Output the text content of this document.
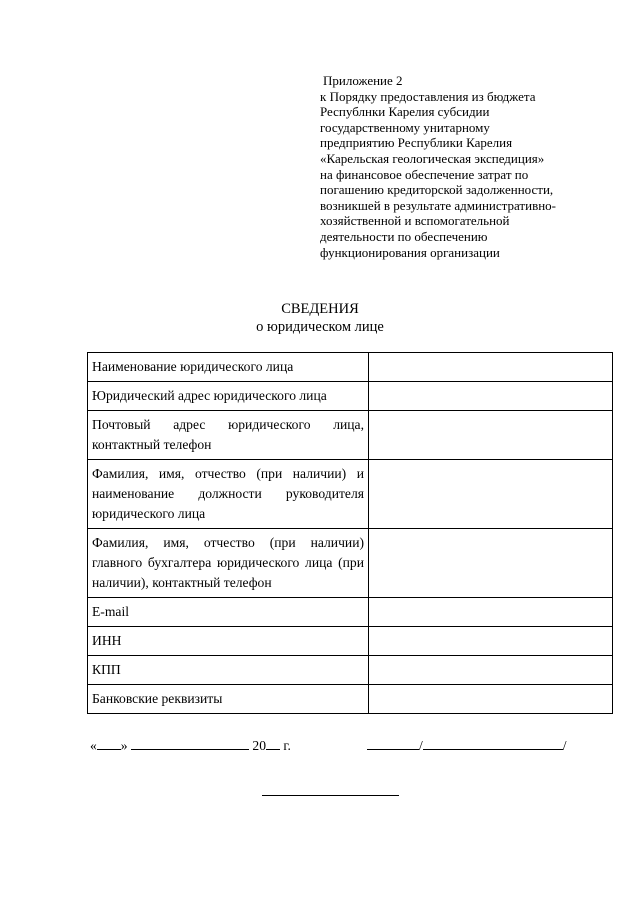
Приложение 2
к Порядку предоставления из бюджета
Республнки Карелия субсидии
государственному унитарному
предприятию Республики Карелия
«Карельская геологическая экспедиция»
на финансовое обеспечение затрат по
погашению кредиторской задолженности,
возникшей в результате административно-
хозяйственной и вспомогательной
деятельности по обеспечению
функционирования организации
СВЕДЕНИЯ
о юридическом лице
Наименование юридического лица	
Юридический адрес юридического лица	
Почтовый адрес юридического лица, контактный телефон	
Фамилия, имя, отчество (при наличии) и наименование должности руководителя юридического лица	
Фамилия, имя, отчество (при наличии) главного бухгалтера юридического лица (при наличии), контактный телефон	
E-mail	
ИНН	
КПП	
Банковские реквизиты	
« »	20 г.	/	/
